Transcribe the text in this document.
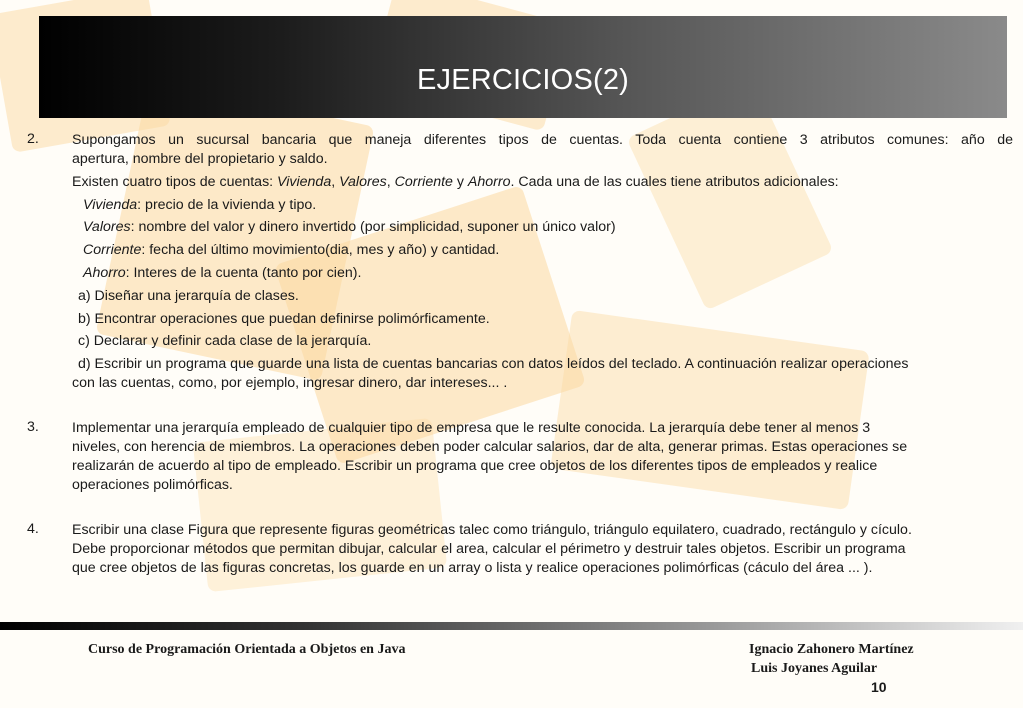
EJERCICIOS(2)
2. Supongamos un sucursal bancaria que maneja diferentes tipos de cuentas. Toda cuenta contiene 3 atributos comunes: año de
apertura, nombre del propietario y saldo.
Existen cuatro tipos de cuentas: Vivienda, Valores, Corriente y Ahorro. Cada una de las cuales tiene atributos adicionales:
Vivienda: precio de la vivienda y tipo.
Valores: nombre del valor y dinero invertido (por simplicidad, suponer un único valor)
Corriente: fecha del último movimiento(dia, mes y año) y cantidad.
Ahorro: Interes de la cuenta (tanto por cien).
a) Diseñar una jerarquía de clases.
b) Encontrar operaciones que puedan definirse polimórficamente.
c) Declarar y definir cada clase de la jerarquía.
d) Escribir un programa que guarde una lista de cuentas bancarias con datos leídos del teclado. A continuación realizar operaciones
con las cuentas, como, por ejemplo, ingresar dinero, dar intereses... .
3. Implementar una jerarquía empleado de cualquier tipo de empresa que le resulte conocida. La jerarquía debe tener al menos 3
niveles, con herencia de miembros. La operaciones deben poder calcular salarios, dar de alta, generar primas. Estas operaciones se
realizarán de acuerdo al tipo de empleado. Escribir un programa que cree objetos de los diferentes tipos de empleados y realice
operaciones polimórficas.
4. Escribir una clase Figura que represente figuras geométricas talec como triángulo, triángulo equilatero, cuadrado, rectángulo y cículo.
Debe proporcionar métodos que permitan dibujar, calcular el area, calcular el périmetro y destruir tales objetos. Escribir un programa
que cree objetos de las figuras concretas, los guarde en un array o lista y realice operaciones polimórficas (cáculo del área ... ).
Curso de Programación Orientada a Objetos en Java	Ignacio Zahonero Martínez
Luis Joyanes Aguilar
10
